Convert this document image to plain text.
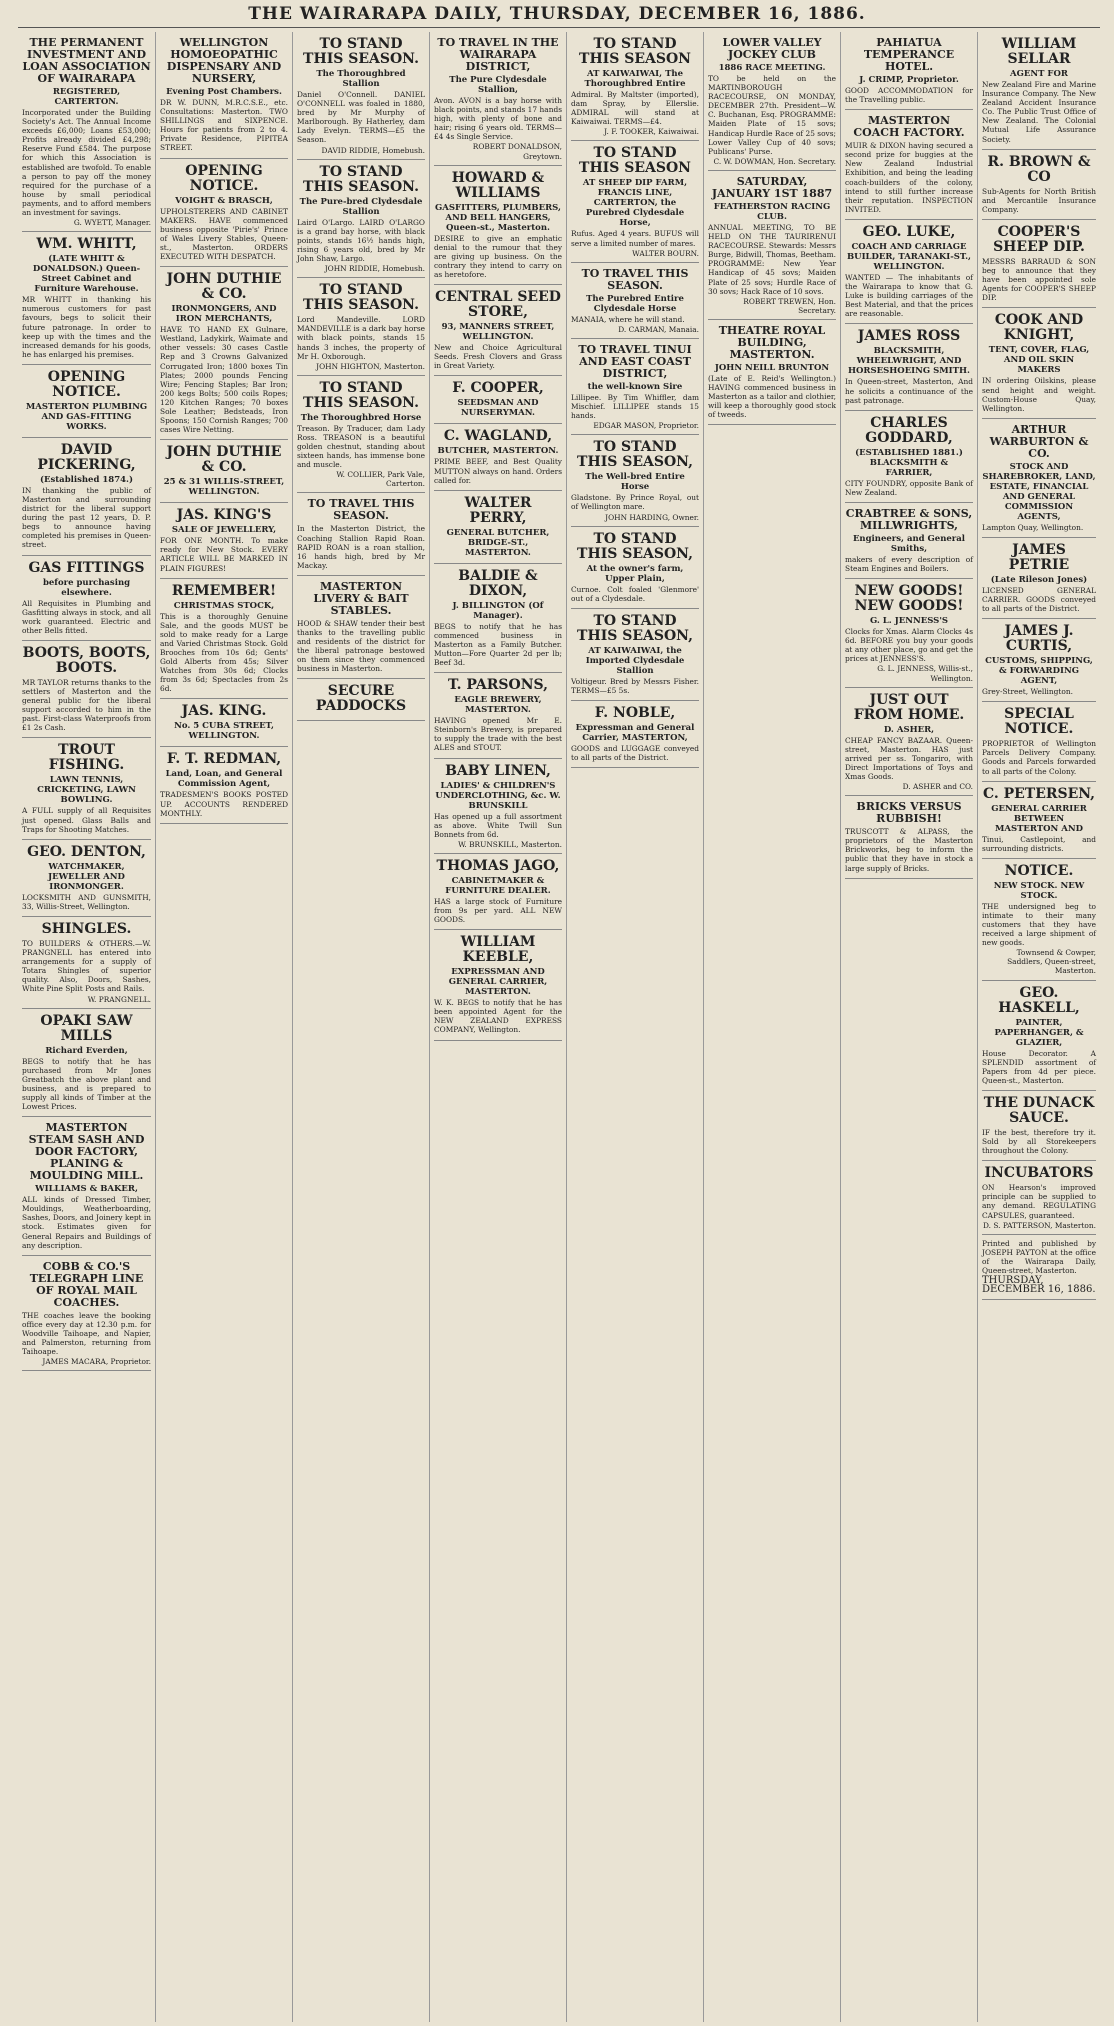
THE WAIRARAPA DAILY, THURSDAY, DECEMBER 16, 1886.
THE PERMANENT INVESTMENT AND LOAN ASSOCIATION OF WAIRARAPA
REGISTERED, CARTERTON.

Incorporated under the Building Society's Act. The Annual Income exceeds £6,000; Loans £53,000; Profits already divided £4,298; Reserve Fund £584. The purpose for which this Association is established are twofold. To enable a person to pay off the money required for the purchase of a house by small periodical payments, and to afford members an investment for savings.

G. WYETT, Manager.
WM. WHITT,
(LATE WHITT & DONALDSON.) Queen-Street Cabinet and Furniture Warehouse.

MR WHITT in thanking his numerous customers for past favours, begs to solicit their future patronage. In order to keep up with the times and the increased demands for his goods, he has enlarged his premises.

OPENING NOTICE.
MASTERTON PLUMBING AND GAS-FITTING WORKS.
DAVID PICKERING,
(Established 1874.)

IN thanking the public of Masterton and surrounding district for the liberal support during the past 12 years, D. P. begs to announce having completed his premises in Queen-street.

GAS FITTINGS
before purchasing elsewhere.

All Requisites in Plumbing and Gasfitting always in stock, and all work guaranteed. Electric and other Bells fitted.

BOOTS, BOOTS, BOOTS.

MR TAYLOR returns thanks to the settlers of Masterton and the general public for the liberal support accorded to him in the past. First-class Waterproofs from £1 2s Cash.

TROUT FISHING.
LAWN TENNIS, CRICKETING, LAWN BOWLING.

A FULL supply of all Requisites just opened. Glass Balls and Traps for Shooting Matches.

GEO. DENTON,
WATCHMAKER, JEWELLER AND IRONMONGER.

LOCKSMITH AND GUNSMITH, 33, Willis-Street, Wellington.

SHINGLES.

TO BUILDERS & OTHERS.—W. PRANGNELL has entered into arrangements for a supply of Totara Shingles of superior quality. Also, Doors, Sashes, White Pine Split Posts and Rails.

W. PRANGNELL.
OPAKI SAW MILLS
Richard Everden,

BEGS to notify that he has purchased from Mr Jones Greatbatch the above plant and business, and is prepared to supply all kinds of Timber at the Lowest Prices.

MASTERTON STEAM SASH AND DOOR FACTORY, PLANING & MOULDING MILL.
WILLIAMS & BAKER,

ALL kinds of Dressed Timber, Mouldings, Weatherboarding, Sashes, Doors, and Joinery kept in stock. Estimates given for General Repairs and Buildings of any description.

COBB & CO.'S TELEGRAPH LINE OF ROYAL MAIL COACHES.

THE coaches leave the booking office every day at 12.30 p.m. for Woodville Taihoape, and Napier, and Palmerston, returning from Taihoape.

JAMES MACARA, Proprietor.
WELLINGTON HOMOEOPATHIC DISPENSARY AND NURSERY,
Evening Post Chambers.

DR W. DUNN, M.R.C.S.E., etc. Consultations: Masterton. TWO SHILLINGS and SIXPENCE. Hours for patients from 2 to 4. Private Residence, PIPITEA STREET.

OPENING NOTICE.
VOIGHT & BRASCH,

UPHOLSTERERS AND CABINET MAKERS. HAVE commenced business opposite 'Pirie's' Prince of Wales Livery Stables, Queen-st., Masterton. ORDERS EXECUTED WITH DESPATCH.

JOHN DUTHIE & CO.
IRONMONGERS, AND IRON MERCHANTS,

HAVE TO HAND EX Gulnare, Westland, Ladykirk, Waimate and other vessels: 30 cases Castle Rep and 3 Crowns Galvanized Corrugated Iron; 1800 boxes Tin Plates; 2000 pounds Fencing Wire; Fencing Staples; Bar Iron; 200 kegs Bolts; 500 coils Ropes; 120 Kitchen Ranges; 70 boxes Sole Leather; Bedsteads, Iron Spoons; 150 Cornish Ranges; 700 cases Wire Netting.

JOHN DUTHIE & CO.
25 & 31 WILLIS-STREET, WELLINGTON.
JAS. KING'S
SALE OF JEWELLERY,

FOR ONE MONTH. To make ready for New Stock. EVERY ARTICLE WILL BE MARKED IN PLAIN FIGURES!

REMEMBER!
CHRISTMAS STOCK,

This is a thoroughly Genuine Sale, and the goods MUST be sold to make ready for a Large and Varied Christmas Stock. Gold Brooches from 10s 6d; Gents' Gold Alberts from 45s; Silver Watches from 30s 6d; Clocks from 3s 6d; Spectacles from 2s 6d.

JAS. KING.
No. 5 CUBA STREET, WELLINGTON.
F. T. REDMAN,
Land, Loan, and General Commission Agent,

TRADESMEN'S BOOKS POSTED UP. ACCOUNTS RENDERED MONTHLY.

TO STAND THIS SEASON.
The Thoroughbred Stallion

Daniel O'Connell. DANIEL O'CONNELL was foaled in 1880, bred by Mr Murphy of Marlborough. By Hatherley, dam Lady Evelyn. TERMS—£5 the Season.

DAVID RIDDIE, Homebush.
TO STAND THIS SEASON.
The Pure-bred Clydesdale Stallion

Laird O'Largo. LAIRD O'LARGO is a grand bay horse, with black points, stands 16½ hands high, rising 6 years old, bred by Mr John Shaw, Largo.

JOHN RIDDIE, Homebush.
TO STAND THIS SEASON.

Lord Mandeville. LORD MANDEVILLE is a dark bay horse with black points, stands 15 hands 3 inches, the property of Mr H. Oxborough.

JOHN HIGHTON, Masterton.
TO STAND THIS SEASON.
The Thoroughbred Horse

Treason. By Traducer, dam Lady Ross. TREASON is a beautiful golden chestnut, standing about sixteen hands, has immense bone and muscle.

W. COLLIER, Park Vale, Carterton.
TO TRAVEL THIS SEASON.

In the Masterton District, the Coaching Stallion Rapid Roan. RAPID ROAN is a roan stallion, 16 hands high, bred by Mr Mackay.

MASTERTON LIVERY & BAIT STABLES.

HOOD & SHAW tender their best thanks to the travelling public and residents of the district for the liberal patronage bestowed on them since they commenced business in Masterton.

SECURE PADDOCKS
TO TRAVEL IN THE WAIRARAPA DISTRICT,
The Pure Clydesdale Stallion,

Avon. AVON is a bay horse with black points, and stands 17 hands high, with plenty of bone and hair; rising 6 years old. TERMS—£4 4s Single Service.

ROBERT DONALDSON, Greytown.
HOWARD & WILLIAMS
GASFITTERS, PLUMBERS, AND BELL HANGERS, Queen-st., Masterton.

DESIRE to give an emphatic denial to the rumour that they are giving up business. On the contrary they intend to carry on as heretofore.

CENTRAL SEED STORE,
93, MANNERS STREET, WELLINGTON.

New and Choice Agricultural Seeds. Fresh Clovers and Grass in Great Variety.

F. COOPER,
SEEDSMAN AND NURSERYMAN.
C. WAGLAND,
BUTCHER, MASTERTON.

PRIME BEEF, and Best Quality MUTTON always on hand. Orders called for.

WALTER PERRY,
GENERAL BUTCHER, BRIDGE-ST., MASTERTON.
BALDIE & DIXON,
J. BILLINGTON (Of Manager).

BEGS to notify that he has commenced business in Masterton as a Family Butcher. Mutton—Fore Quarter 2d per lb; Beef 3d.

T. PARSONS,
EAGLE BREWERY, MASTERTON.

HAVING opened Mr E. Steinborn's Brewery, is prepared to supply the trade with the best ALES and STOUT.

BABY LINEN,
LADIES' & CHILDREN'S UNDERCLOTHING, &c. W. BRUNSKILL

Has opened up a full assortment as above. White Twill Sun Bonnets from 6d.

W. BRUNSKILL, Masterton.
THOMAS JAGO,
CABINETMAKER & FURNITURE DEALER.

HAS a large stock of Furniture from 9s per yard. ALL NEW GOODS.

WILLIAM KEEBLE,
EXPRESSMAN AND GENERAL CARRIER, MASTERTON.

W. K. BEGS to notify that he has been appointed Agent for the NEW ZEALAND EXPRESS COMPANY, Wellington.

TO STAND THIS SEASON
AT KAIWAIWAI, The Thoroughbred Entire

Admiral. By Maltster (imported), dam Spray, by Ellerslie. ADMIRAL will stand at Kaiwaiwai. TERMS—£4.

J. F. TOOKER, Kaiwaiwai.
TO STAND THIS SEASON
AT SHEEP DIP FARM, FRANCIS LINE, CARTERTON, the Purebred Clydesdale Horse,

Rufus. Aged 4 years. BUFUS will serve a limited number of mares.

WALTER BOURN.
TO TRAVEL THIS SEASON.
The Purebred Entire Clydesdale Horse

MANAIA, where he will stand.

D. CARMAN, Manaia.
TO TRAVEL TINUI AND EAST COAST DISTRICT,
the well-known Sire

Lillipee. By Tim Whiffler, dam Mischief. LILLIPEE stands 15 hands.

EDGAR MASON, Proprietor.
TO STAND THIS SEASON,
The Well-bred Entire Horse

Gladstone. By Prince Royal, out of Wellington mare.

JOHN HARDING, Owner.
TO STAND THIS SEASON,
At the owner's farm, Upper Plain,

Curnoe. Colt foaled 'Glenmore' out of a Clydesdale.

TO STAND THIS SEASON,
AT KAIWAIWAI, the Imported Clydesdale Stallion

Voltigeur. Bred by Messrs Fisher. TERMS—£5 5s.

F. NOBLE,
Expressman and General Carrier, MASTERTON,

GOODS and LUGGAGE conveyed to all parts of the District.

LOWER VALLEY JOCKEY CLUB
1886 RACE MEETING.

TO be held on the MARTINBOROUGH RACECOURSE, ON MONDAY, DECEMBER 27th. President—W. C. Buchanan, Esq. PROGRAMME: Maiden Plate of 15 sovs; Handicap Hurdle Race of 25 sovs; Lower Valley Cup of 40 sovs; Publicans' Purse.

C. W. DOWMAN, Hon. Secretary.
SATURDAY, JANUARY 1ST 1887
FEATHERSTON RACING CLUB.

ANNUAL MEETING, TO BE HELD ON THE TAURIRENUI RACECOURSE. Stewards: Messrs Burge, Bidwill, Thomas, Beetham. PROGRAMME: New Year Handicap of 45 sovs; Maiden Plate of 25 sovs; Hurdle Race of 30 sovs; Hack Race of 10 sovs.

ROBERT TREWEN, Hon. Secretary.
THEATRE ROYAL BUILDING, MASTERTON.
JOHN NEILL BRUNTON

(Late of E. Reid's Wellington.) HAVING commenced business in Masterton as a tailor and clothier, will keep a thoroughly good stock of tweeds.

PAHIATUA TEMPERANCE HOTEL.
J. CRIMP, Proprietor.

GOOD ACCOMMODATION for the Travelling public.

MASTERTON COACH FACTORY.

MUIR & DIXON having secured a second prize for buggies at the New Zealand Industrial Exhibition, and being the leading coach-builders of the colony, intend to still further increase their reputation. INSPECTION INVITED.

GEO. LUKE,
COACH AND CARRIAGE BUILDER, TARANAKI-ST., WELLINGTON.

WANTED — The inhabitants of the Wairarapa to know that G. Luke is building carriages of the Best Material, and that the prices are reasonable.

JAMES ROSS
BLACKSMITH, WHEELWRIGHT, AND HORSESHOEING SMITH.

In Queen-street, Masterton, And he solicits a continuance of the past patronage.

CHARLES GODDARD,
(ESTABLISHED 1881.) BLACKSMITH & FARRIER,

CITY FOUNDRY, opposite Bank of New Zealand.

CRABTREE & SONS, MILLWRIGHTS,
Engineers, and General Smiths,

makers of every description of Steam Engines and Boilers.

NEW GOODS! NEW GOODS!
G. L. JENNESS'S

Clocks for Xmas. Alarm Clocks 4s 6d. BEFORE you buy your goods at any other place, go and get the prices at JENNESS'S.

G. L. JENNESS, Willis-st., Wellington.
JUST OUT FROM HOME.
D. ASHER,

CHEAP FANCY BAZAAR. Queen-street, Masterton. HAS just arrived per ss. Tongariro, with Direct Importations of Toys and Xmas Goods.

D. ASHER and CO.
BRICKS VERSUS RUBBISH!

TRUSCOTT & ALPASS, the proprietors of the Masterton Brickworks, beg to inform the public that they have in stock a large supply of Bricks.

WILLIAM SELLAR
AGENT FOR

New Zealand Fire and Marine Insurance Company. The New Zealand Accident Insurance Co. The Public Trust Office of New Zealand. The Colonial Mutual Life Assurance Society.

R. BROWN & CO

Sub-Agents for North British and Mercantile Insurance Company.

COOPER'S SHEEP DIP.

MESSRS BARRAUD & SON beg to announce that they have been appointed sole Agents for COOPER'S SHEEP DIP.

COOK AND KNIGHT,
TENT, COVER, FLAG, AND OIL SKIN MAKERS

IN ordering Oilskins, please send height and weight. Custom-House Quay, Wellington.

ARTHUR WARBURTON & CO.
STOCK AND SHAREBROKER, LAND, ESTATE, FINANCIAL AND GENERAL COMMISSION AGENTS,

Lampton Quay, Wellington.

JAMES PETRIE
(Late Rileson Jones)

LICENSED GENERAL CARRIER. GOODS conveyed to all parts of the District.

JAMES J. CURTIS,
CUSTOMS, SHIPPING, & FORWARDING AGENT,

Grey-Street, Wellington.

SPECIAL NOTICE.

PROPRIETOR of Wellington Parcels Delivery Company. Goods and Parcels forwarded to all parts of the Colony.

C. PETERSEN,
GENERAL CARRIER BETWEEN MASTERTON AND

Tinui, Castlepoint, and surrounding districts.

NOTICE.
NEW STOCK. NEW STOCK.

THE undersigned beg to intimate to their many customers that they have received a large shipment of new goods.

Townsend & Cowper, Saddlers, Queen-street, Masterton.
GEO. HASKELL,
PAINTER, PAPERHANGER, & GLAZIER,

House Decorator. A SPLENDID assortment of Papers from 4d per piece. Queen-st., Masterton.

THE DUNACK SAUCE.

IF the best, therefore try it. Sold by all Storekeepers throughout the Colony.

INCUBATORS

ON Hearson's improved principle can be supplied to any demand. REGULATING CAPSULES, guaranteed.

D. S. PATTERSON, Masterton.

Printed and published by JOSEPH PAYTON at the office of the Wairarapa Daily, Queen-street, Masterton.

THURSDAY, DECEMBER 16, 1886.
